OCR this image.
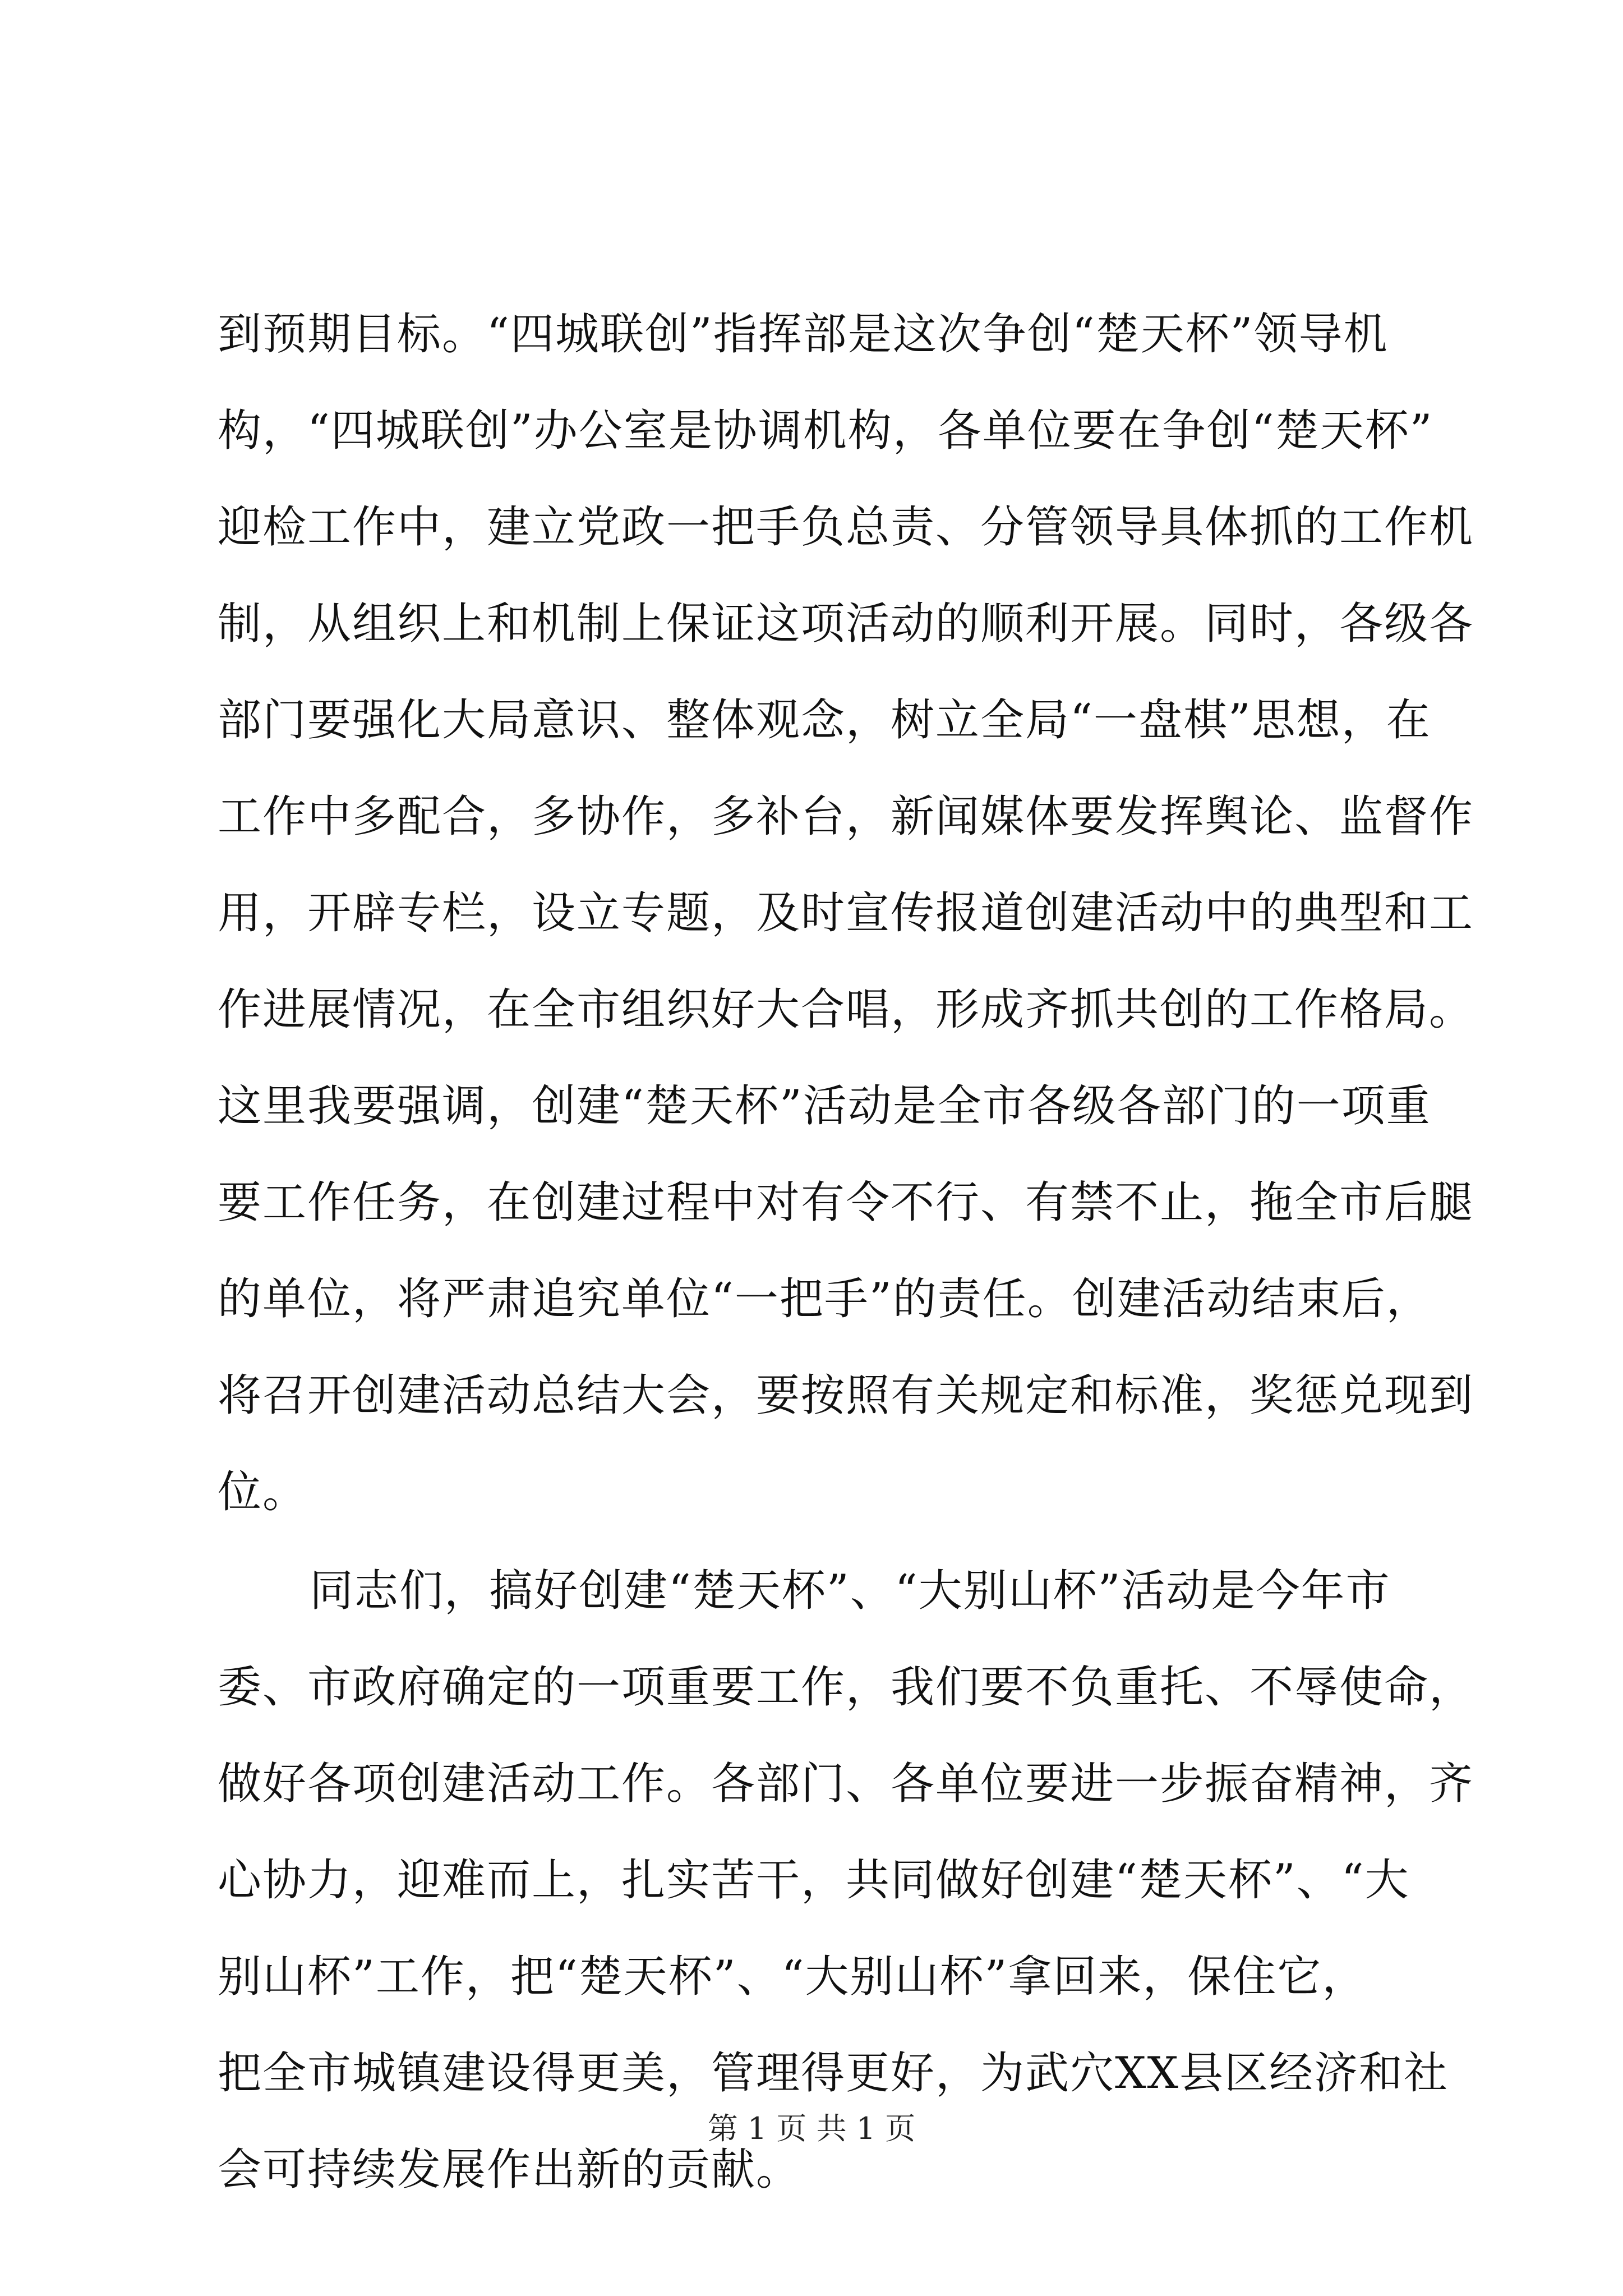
到预期目标。“四城联创”指挥部是这次争创“楚天杯”领导机
构，“四城联创”办公室是协调机构，各单位要在争创“楚天杯”
迎检工作中，建立党政一把手负总责、分管领导具体抓的工作机
制，从组织上和机制上保证这项活动的顺利开展。同时，各级各
部门要强化大局意识、整体观念，树立全局“一盘棋”思想，在
工作中多配合，多协作，多补台，新闻媒体要发挥舆论、监督作
用，开辟专栏，设立专题，及时宣传报道创建活动中的典型和工
作进展情况，在全市组织好大合唱，形成齐抓共创的工作格局。
这里我要强调，创建“楚天杯”活动是全市各级各部门的一项重
要工作任务，在创建过程中对有令不行、有禁不止，拖全市后腿
的单位，将严肃追究单位“一把手”的责任。创建活动结束后，
将召开创建活动总结大会，要按照有关规定和标准，奖惩兑现到
位。
同志们，搞好创建“楚天杯”、“大别山杯”活动是今年市
委、市政府确定的一项重要工作，我们要不负重托、不辱使命，
做好各项创建活动工作。各部门、各单位要进一步振奋精神，齐
心协力，迎难而上，扎实苦干，共同做好创建“楚天杯”、“大
别山杯”工作，把“楚天杯”、“大别山杯”拿回来，保住它，
把全市城镇建设得更美，管理得更好，为武穴XX县区经济和社
会可持续发展作出新的贡献。
第 1 页 共 1 页
